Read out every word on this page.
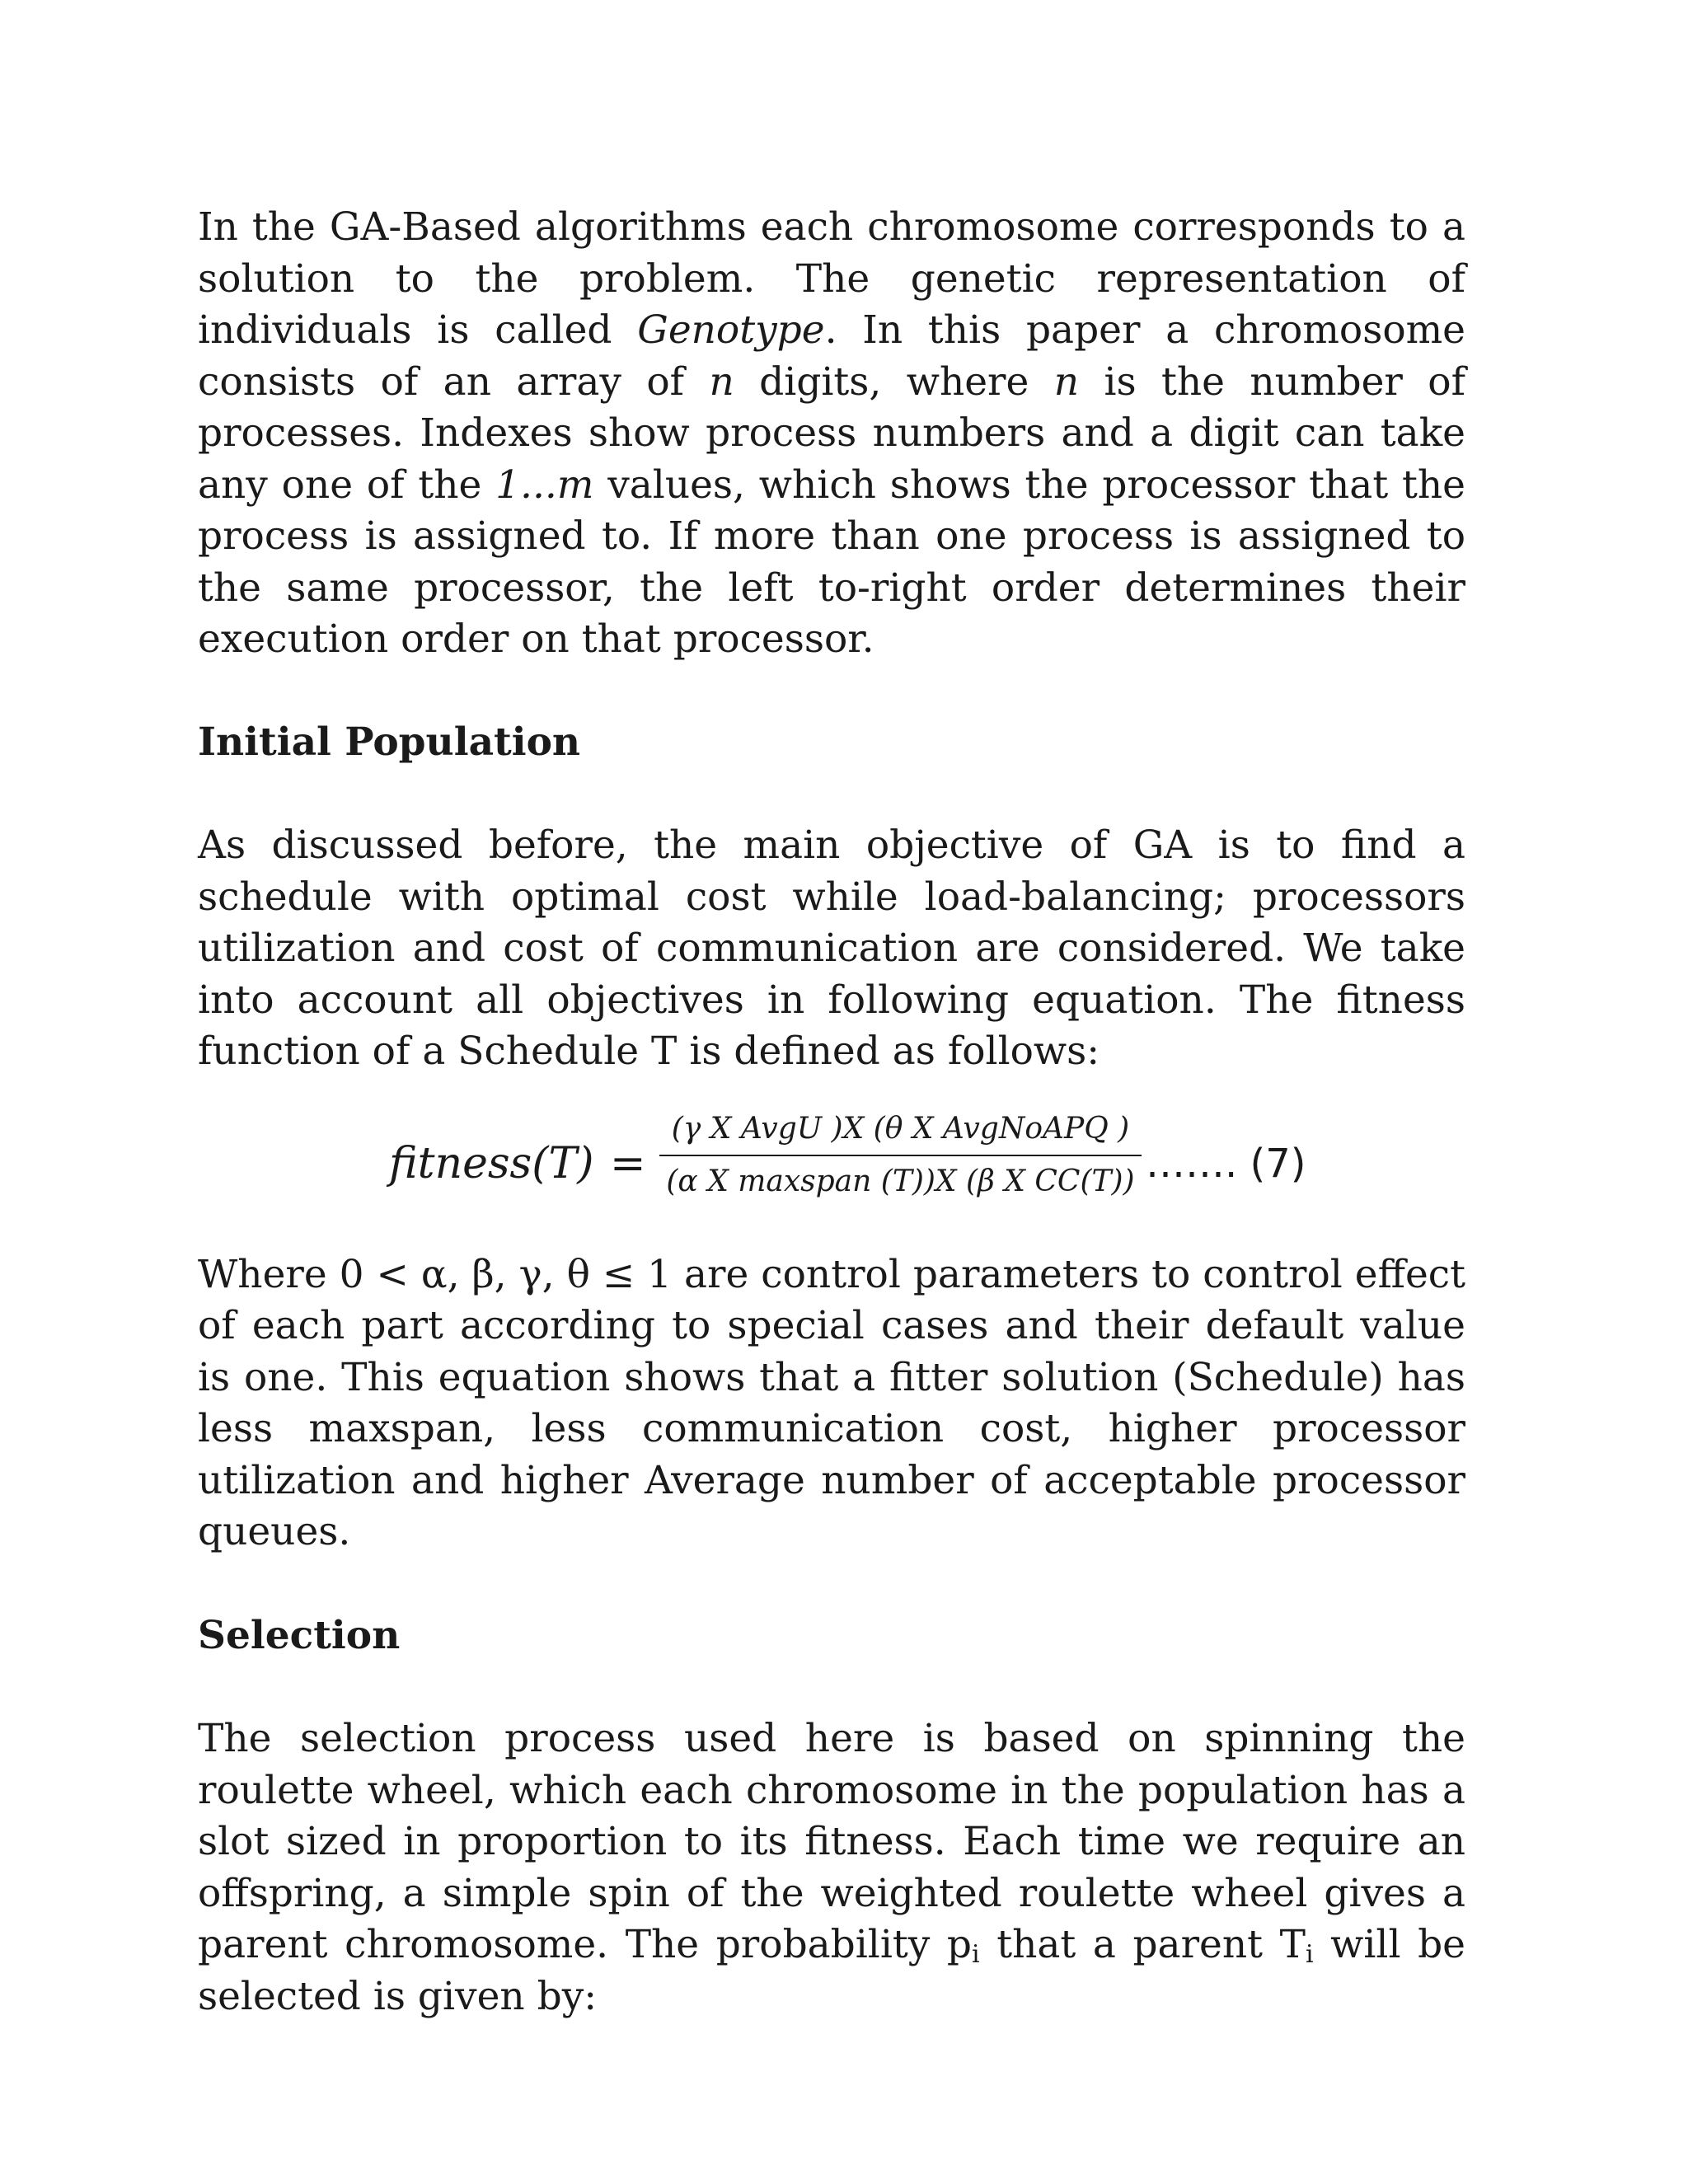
In the GA-Based algorithms each chromosome corresponds to a solution to the problem. The genetic representation of individuals is called Genotype. In this paper a chromosome consists of an array of n digits, where n is the number of processes. Indexes show process numbers and a digit can take any one of the 1...m values, which shows the processor that the process is assigned to. If more than one process is assigned to the same processor, the left to-right order determines their execution order on that processor.

Initial Population

As discussed before, the main objective of GA is to find a schedule with optimal cost while load-balancing; processors utilization and cost of communication are considered. We take into account all objectives in following equation. The fitness function of a Schedule T is defined as follows:

fitness(T) =
(γ X AvgU )X (θ X AvgNoAPQ )
(α X maxspan (T))X (β X CC(T)) ……. (7)

Where 0 < α, β, γ, θ ≤ 1 are control parameters to control effect of each part according to special cases and their default value is one. This equation shows that a fitter solution (Schedule) has less maxspan, less communication cost, higher processor utilization and higher Average number of acceptable processor queues.

Selection

The selection process used here is based on spinning the roulette wheel, which each chromosome in the population has a slot sized in proportion to its fitness. Each time we require an offspring, a simple spin of the weighted roulette wheel gives a parent chromosome. The probability $p_i$ that a parent $T_i$ will be selected is given by:
